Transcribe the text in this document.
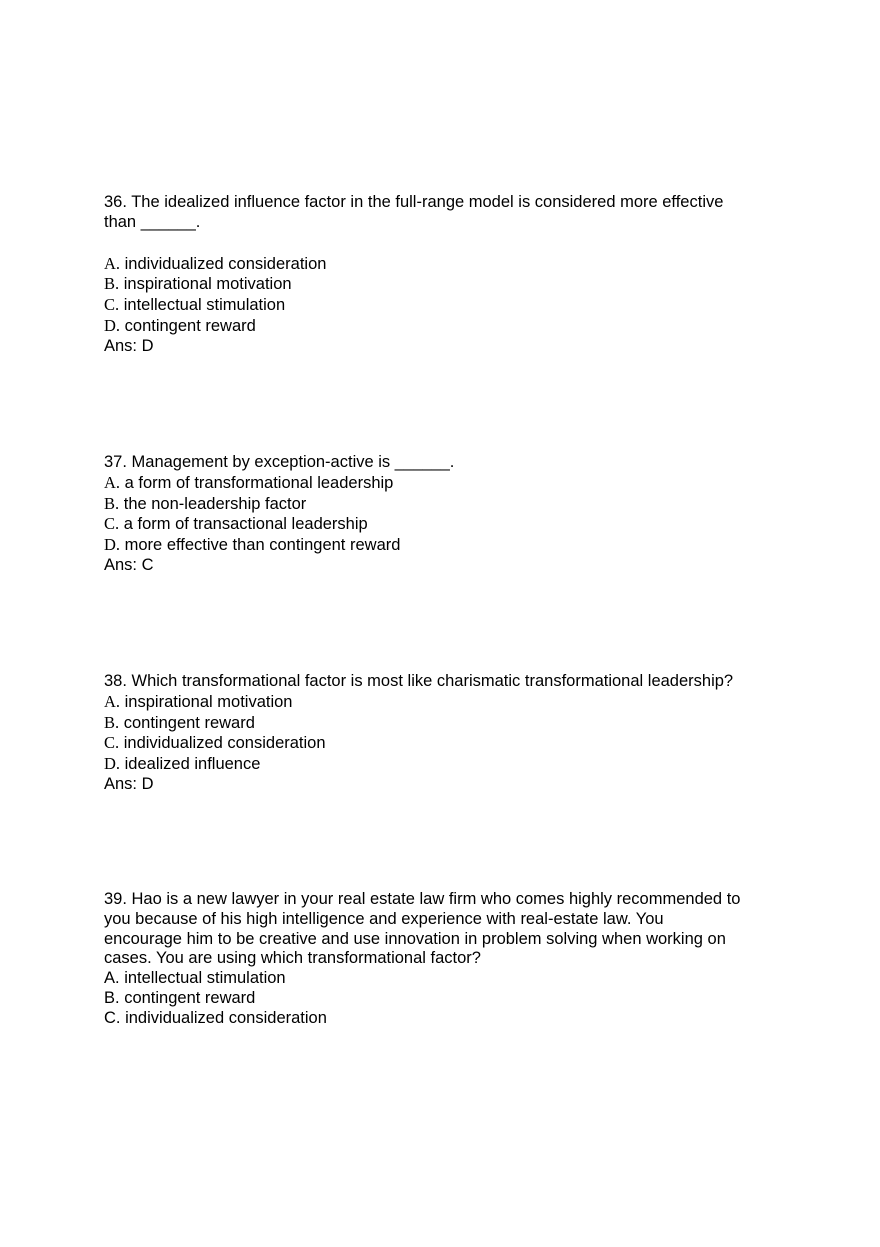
36. The idealized influence factor in the full-range model is considered more effective
than ______.
A. individualized consideration
B. inspirational motivation
C. intellectual stimulation
D. contingent reward
Ans: D
37. Management by exception-active is ______.
A. a form of transformational leadership
B. the non-leadership factor
C. a form of transactional leadership
D. more effective than contingent reward
Ans: C
38. Which transformational factor is most like charismatic transformational leadership?
A. inspirational motivation
B. contingent reward
C. individualized consideration
D. idealized influence
Ans: D
39. Hao is a new lawyer in your real estate law firm who comes highly recommended to
you because of his high intelligence and experience with real-estate law. You
encourage him to be creative and use innovation in problem solving when working on
cases. You are using which transformational factor?
A. intellectual stimulation
B. contingent reward
C. individualized consideration
